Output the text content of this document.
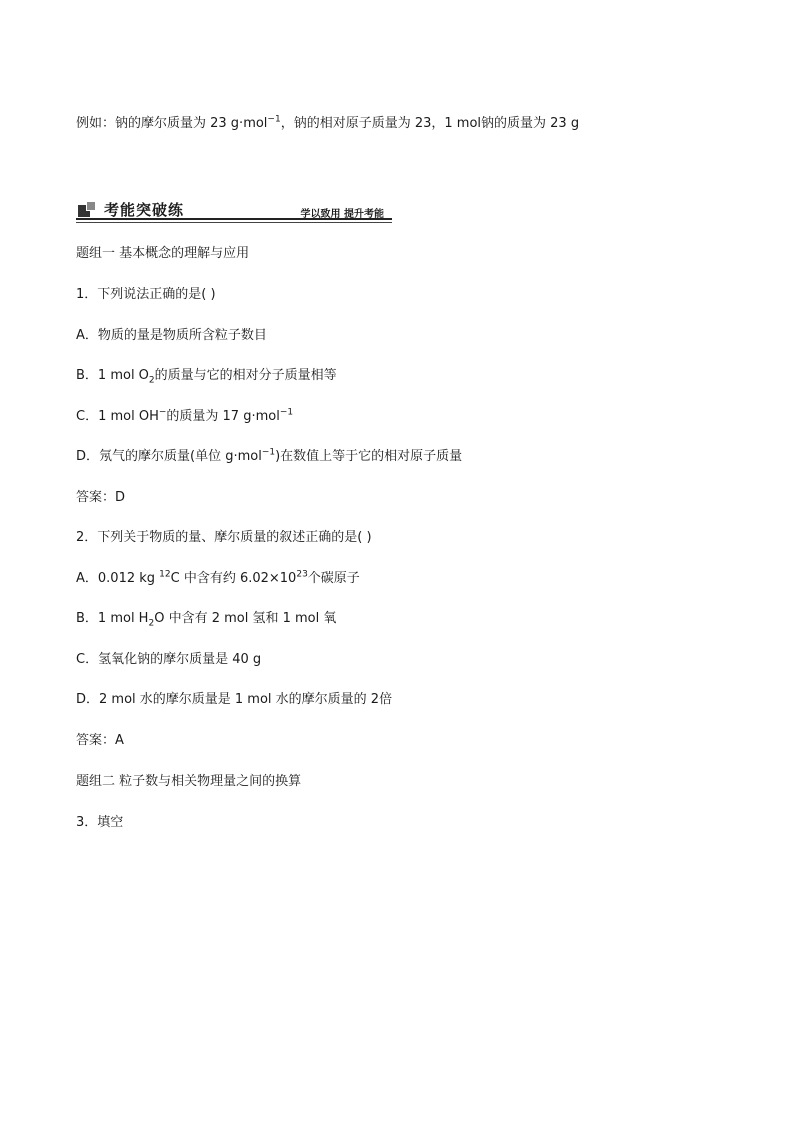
例如：钠的摩尔质量为 23 g·mol$^{-1}$，钠的相对原子质量为 23，1 mol钠的质量为 23 g
考能突破练	学以致用 提升考能
题组一 基本概念的理解与应用
1．下列说法正确的是( )
A．物质的量是物质所含粒子数目
B．1 mol $O_2$的质量与它的相对分子质量相等
C．1 mol OH−的质量为 17 g·mol$^{-1}$
D．氖气的摩尔质量(单位 g·mol$^{-1}$)在数值上等于它的相对原子质量
答案：D
2．下列关于物质的量、摩尔质量的叙述正确的是( )
A．0.012 kg $^{12}$C 中含有约 $6.02\times 10^{23}$个碳原子
B．1 mol $H_2O$ 中含有 2 mol 氢和 1 mol 氧
C．氢氧化钠的摩尔质量是 40 g
D．2 mol 水的摩尔质量是 1 mol 水的摩尔质量的 2倍
答案：A
题组二 粒子数与相关物理量之间的换算
3．填空
